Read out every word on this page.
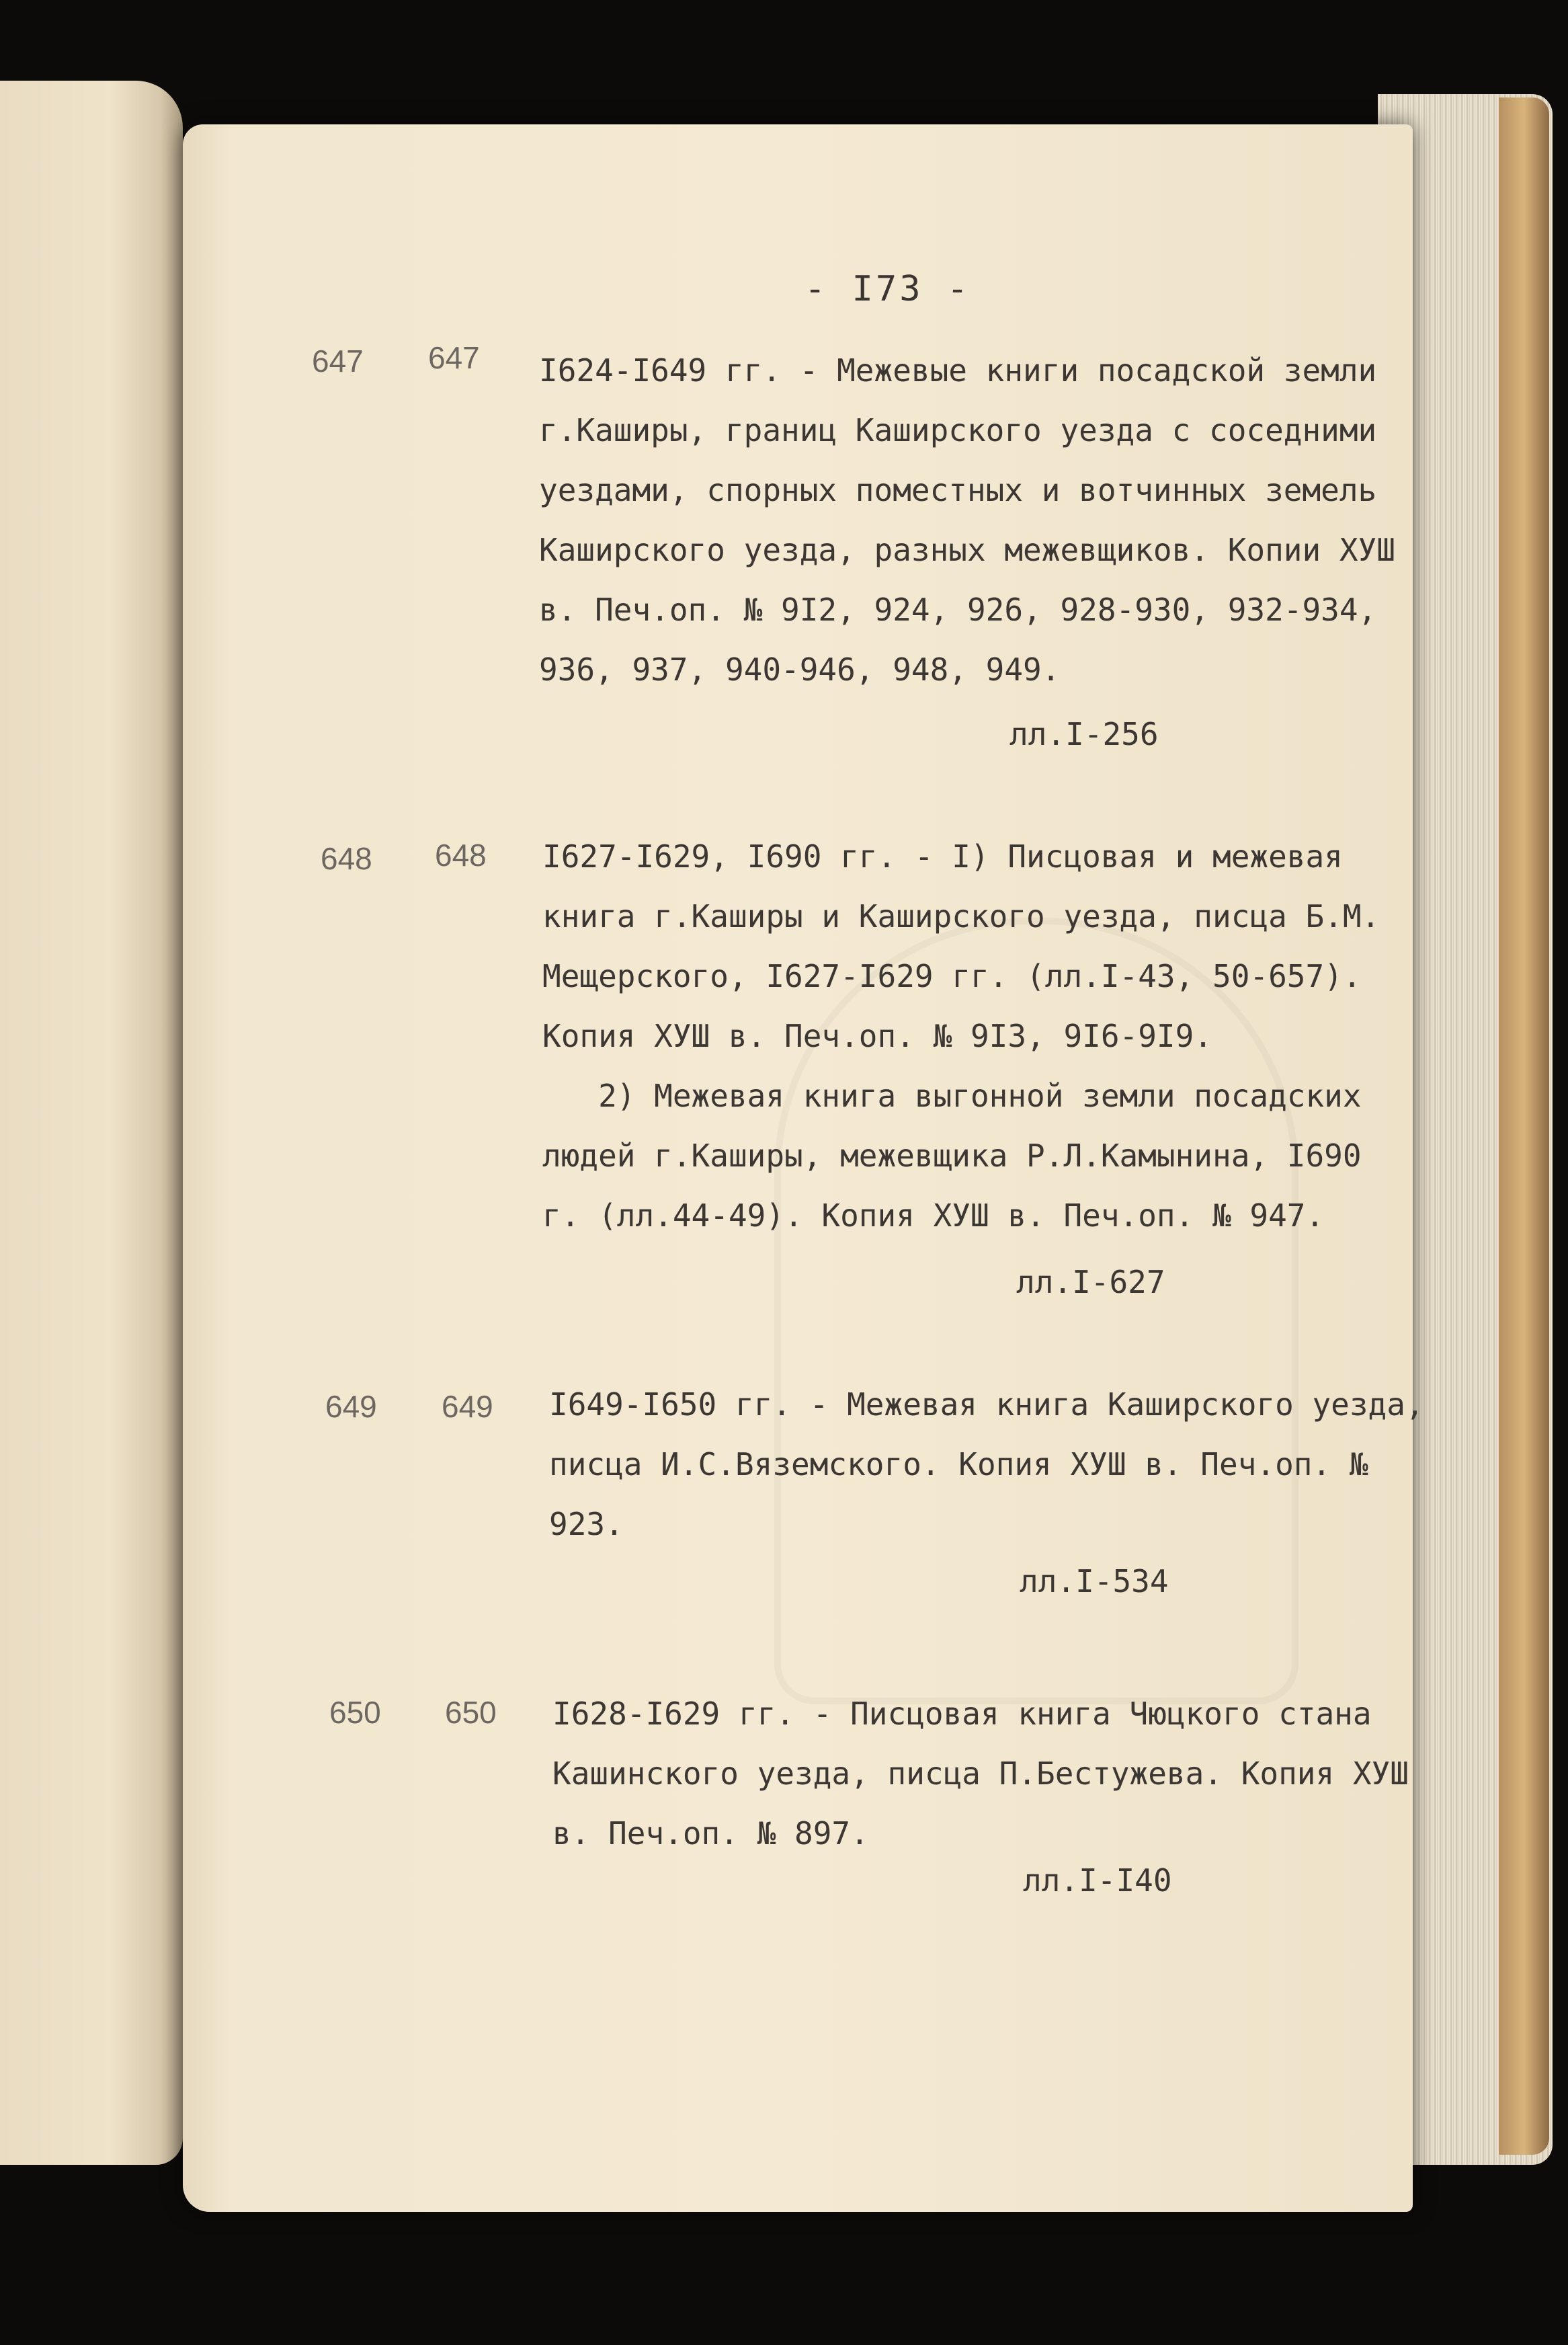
- I73 -
647 647 I624-I649 гг. - Межевые книги посадской земли
г.Каширы, границ Каширского уезда с соседними
уездами, спорных поместных и вотчинных земель
Каширского уезда, разных межевщиков. Копии ХУШ
в. Печ.оп. № 9I2, 924, 926, 928-930, 932-934,
936, 937, 940-946, 948, 949.
лл.I-256
648 648 I627-I629, I690 гг. - I) Писцовая и межевая
книга г.Каширы и Каширского уезда, писца Б.М.
Мещерского, I627-I629 гг. (лл.I-43, 50-657).
Копия ХУШ в. Печ.оп. № 9I3, 9I6-9I9.
2) Межевая книга выгонной земли посадских
людей г.Каширы, межевщика Р.Л.Камынина, I690
г. (лл.44-49). Копия ХУШ в. Печ.оп. № 947.
лл.I-627
649 649 I649-I650 гг. - Межевая книга Каширского уезда,
писца И.С.Вяземского. Копия ХУШ в. Печ.оп. №
923.
лл.I-534
650 650 I628-I629 гг. - Писцовая книга Чюцкого стана
Кашинского уезда, писца П.Бестужева. Копия ХУШ
в. Печ.оп. № 897.
лл.I-I40
